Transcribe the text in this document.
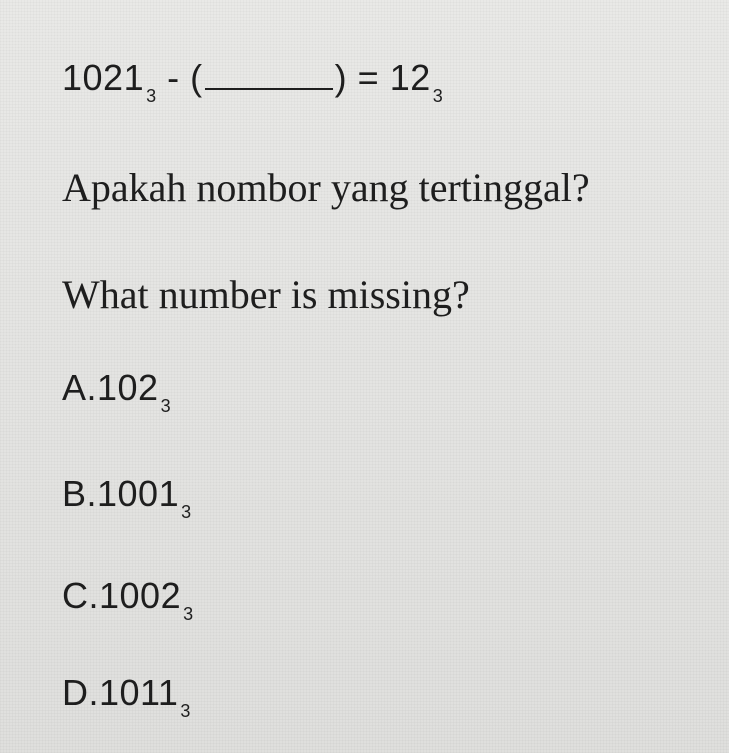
1021 $_3$ - (	) = 12 $_3$
Apakah nombor yang tertinggal?
What number is missing?
A.102 $_3$
B.1001 $_3$
C.1002 $_3$
D.1011 $_3$
